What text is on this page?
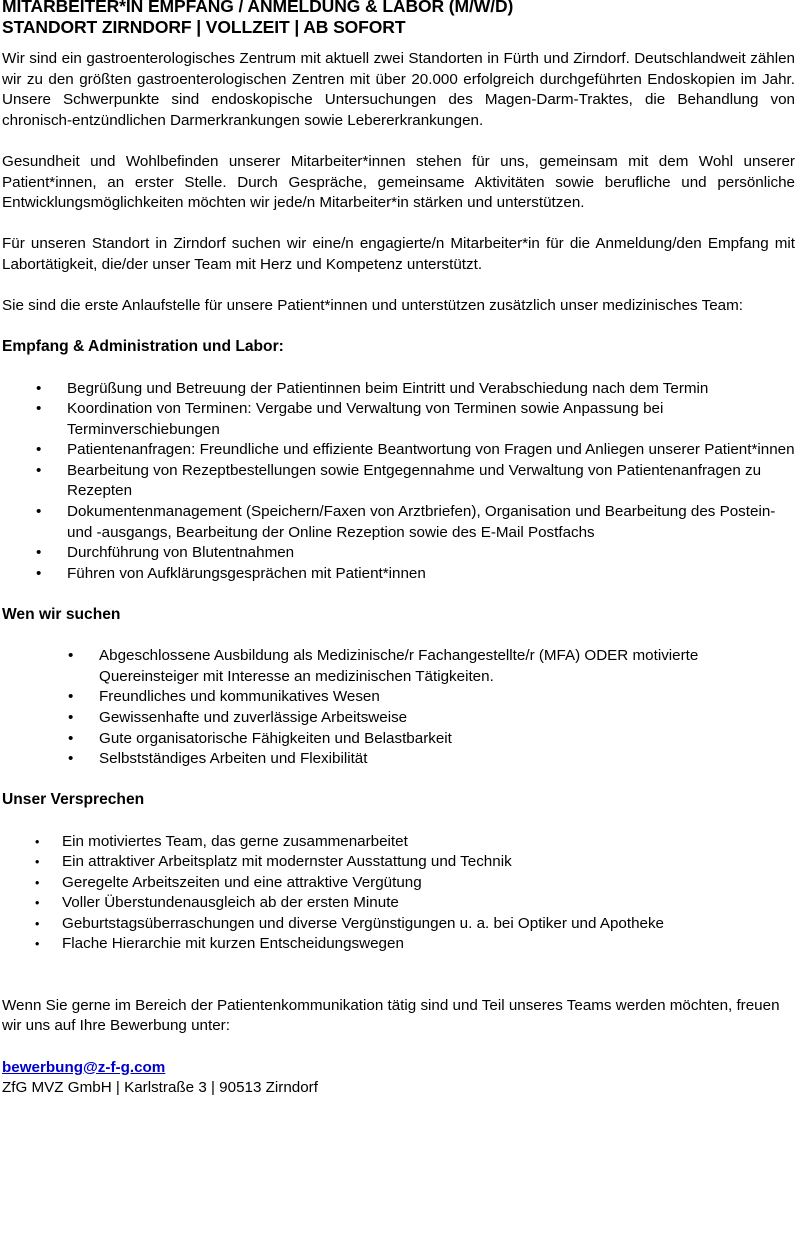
MITARBEITER*IN EMPFANG / ANMELDUNG & LABOR (M/W/D)
STANDORT ZIRNDORF | VOLLZEIT | AB SOFORT

Wir sind ein gastroenterologisches Zentrum mit aktuell zwei Standorten in Fürth und Zirndorf. Deutschlandweit zählen wir zu den größten gastroenterologischen Zentren mit über 20.000 erfolgreich durchgeführten Endoskopien im Jahr. Unsere Schwerpunkte sind endoskopische Untersuchungen des Magen-Darm-Traktes, die Behandlung von chronisch-entzündlichen Darmerkrankungen sowie Lebererkrankungen.

Gesundheit und Wohlbefinden unserer Mitarbeiter*innen stehen für uns, gemeinsam mit dem Wohl unserer Patient*innen, an erster Stelle. Durch Gespräche, gemeinsame Aktivitäten sowie berufliche und persönliche Entwicklungsmöglichkeiten möchten wir jede/n Mitarbeiter*in stärken und unterstützen.

Für unseren Standort in Zirndorf suchen wir eine/n engagierte/n Mitarbeiter*in für die Anmeldung/den Empfang mit Labortätigkeit, die/der unser Team mit Herz und Kompetenz unterstützt.

Sie sind die erste Anlaufstelle für unsere Patient*innen und unterstützen zusätzlich unser medizinisches Team:

Empfang & Administration und Labor:
• Begrüßung und Betreuung der Patientinnen beim Eintritt und Verabschiedung nach dem Termin
• Koordination von Terminen: Vergabe und Verwaltung von Terminen sowie Anpassung bei Terminverschiebungen
• Patientenanfragen: Freundliche und effiziente Beantwortung von Fragen und Anliegen unserer Patient*innen
• Bearbeitung von Rezeptbestellungen sowie Entgegennahme und Verwaltung von Patientenanfragen zu Rezepten
• Dokumentenmanagement (Speichern/Faxen von Arztbriefen), Organisation und Bearbeitung des Postein- und -ausgangs, Bearbeitung der Online Rezeption sowie des E-Mail Postfachs
• Durchführung von Blutentnahmen
• Führen von Aufklärungsgesprächen mit Patient*innen
Wen wir suchen
• Abgeschlossene Ausbildung als Medizinische/r Fachangestellte/r (MFA) ODER motivierte Quereinsteiger mit Interesse an medizinischen Tätigkeiten.
• Freundliches und kommunikatives Wesen
• Gewissenhafte und zuverlässige Arbeitsweise
• Gute organisatorische Fähigkeiten und Belastbarkeit
• Selbstständiges Arbeiten und Flexibilität
Unser Versprechen
• Ein motiviertes Team, das gerne zusammenarbeitet
• Ein attraktiver Arbeitsplatz mit modernster Ausstattung und Technik
• Geregelte Arbeitszeiten und eine attraktive Vergütung
• Voller Überstundenausgleich ab der ersten Minute
• Geburtstagsüberraschungen und diverse Vergünstigungen u. a. bei Optiker und Apotheke
• Flache Hierarchie mit kurzen Entscheidungswegen

Wenn Sie gerne im Bereich der Patientenkommunikation tätig sind und Teil unseres Teams werden möchten, freuen wir uns auf Ihre Bewerbung unter:

bewerbung@z-f-g.com
ZfG MVZ GmbH | Karlstraße 3 | 90513 Zirndorf
